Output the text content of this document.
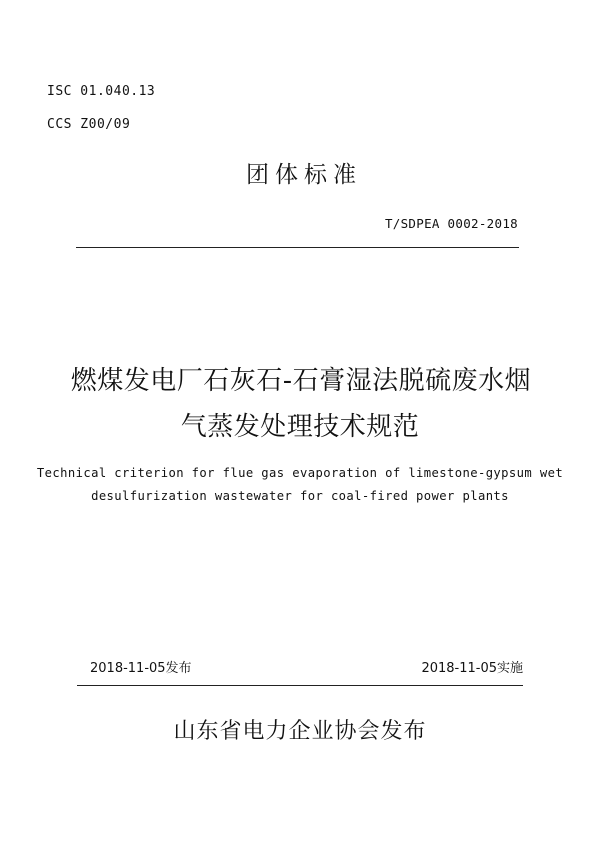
ISC 01.040.13
CCS Z00/09
团体标准
T/SDPEA 0002-2018
燃煤发电厂石灰石-石膏湿法脱硫废水烟
气蒸发处理技术规范
Technical criterion for flue gas evaporation of limestone-gypsum wet
desulfurization wastewater for coal-fired power plants
2018-11-05发布	2018-11-05实施
山东省电力企业协会发布
